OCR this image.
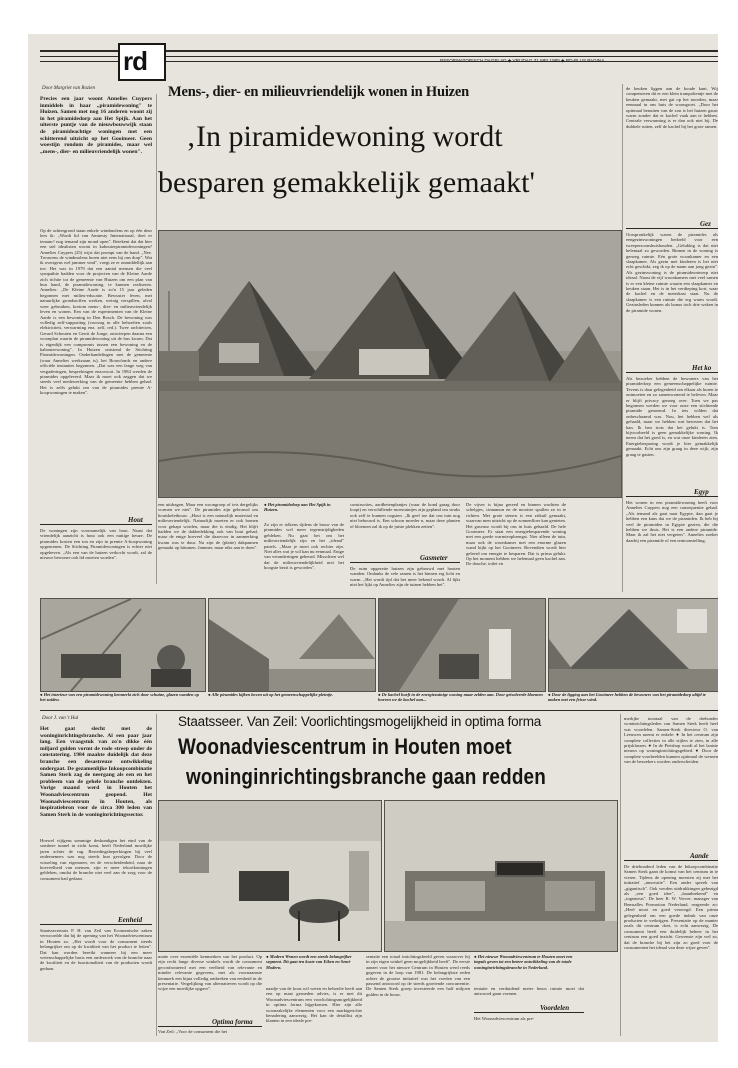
rd	REFORMATORISCH DAGBLAD ◆ VRIJDAG 31 MEI 1985 ◆ RD-PLUS PAGINA
Door Margriet van Rozien	Mens-, dier- en milieuvriendelijk wonen in Huizen
‚In piramidewoning wordt
besparen gemakkelijk gemaakt'
Precies een jaar woont Annelies Cuypers inmiddels in haar „piramidewoning" te Huizen. Samen met nog 16 anderen woont zij in het piramidedorp aan Het Spijk. Aan het uiterste puntje van de nieuwbouwwijk staan de piramideachtige woningen met een schitterend uitzicht op het Gooimeer. Geen woestijn rondom de piramides, maar wel „mens-, dier- en milieuvriendelijk wonen".
Op de achtergrond staan enkele windmolens en op één deur lees ik: „Wordt lid van Amnesty International, doet er iemanc! nog iemand zijn mond open". Betekent dat dat hier een stel idealisten woont in kabouterpiramidewoningen? Annelies Cuypers (25) wijst dat prompt van de hand. „Nee. Trouwens de windmolens horen niet eens bij ons dorp". Wat ik overigens wel jammer vind", voegt ze er onmiddellijk aan toe. Het was in 1979 dat een aantal mensen die veel sympathie hadden voor de projecten van de Kleine Aarde zich richtte tot de gemeente van Huizen om een plan van hun hand, de piramidewoning, te kunnen realiseren. Annelies: „De Kleine Aarde is zo'n 15 jaar geleden begonnen met milieu-educatie. Bewuster leven, met natuurlijke grondstoffen werken, weinig verspillen, afval weer gebruiken, kortom mens-, dier- en milieuvriendelijk leven en wonen. Een van de experimenten van de Kleine Aarde is een bewoning in Den Bosch. De bewoning was volledig zelf-supporting (voorzag in alle behoeften zoals elektriciteit, verwarming enz. zelf, red.). Twee architecten, Gerard Schouten en Gerrit de Jonge, ontwierpen daarna een woonplan waarin de piramidewoning uit de bus kwam. Dat is eigenlijk een compromis tussen een bewoning en de kabouterwoning". In Huizen ontstond de Stichting Piramidewoningen. Onderhandelingen met de gemeente (waar Annelies werkzaam is), het Bouwfonds en andere officiële instanties begonnen. „Dat was een lange weg van vergaderingen, besprekingen enzovoort. In 1984 werden de piramides opgeleverd. Maar ik moet ook zeggen dat we steeds veel medewerking van de gemeente hebben gehad. Het is zelfs gelukt om van de piramides premie A-koopwoningen te maken".
Hout
De woningen zijn voornamelijk van hout. Naast dat vriendelijk aanzicht is hout ook een nuttige keuze. De piramides kosten een ton en zijn in premie A-koopwoning opgenomen. De Stichting Piramidewoningen is echter niet opgeheven. „Als een van de huizen verkocht wordt, zal de nieuwe bewoner ook lid moeten worden".
een uitdragen. Maar een woongroep of iets dergelijks vormen we niet". De piramides zijn gebouwd om houtskeletbouw. „Hout is een natuurlijk materiaal en milieuvriendelijk. Natuurlijk moeten er ook bomen voor gekapt worden, maar die is eindig. Het blijft hadden we de dakbedekking ook van hout gehad, maar de enige hoeveel die daarvoor in aanmerking kwam was te duur. Nu zijn de (platte) dakpannen gemaakt op bitumen. Jammer, maar niks aan te doen".
● Het piramidedorp aan Het Spijk in Huizen.
Zo zijn er tolkens tijdens de bouw van de piramides wel meer tegenstrijdigheden gebleken. Nu gaat het om het milieuvriendelijk zijn en het „ideaal" panels. „Maar je moet ook rechter zijn. Niet alles wat je wil kan nu eenmaal. Enige van veranderingen gebeurd. Misschien wel dat de milieuvriendelijkheid niet het hoogste bezit is geworden".
constructies, aardbeienplantjes (waar de hond graag door loopt) en verschillende moestuintjes zijn gepland om straks ook zelf te kunnen oogsten. „Ik geef toe dat ons tuin nog niet bebouwd is. Een schoon moeder n, maar deze planten of bloemen zal ik op de juiste plekken zetten".
Gasmeter
De ruim opgezette huizen zijn gebouwd met houten wanden. Ondanks de vele ramen is het binnen erg licht en warm. „Het wordt tijd dat het meer bekend wordt. Al lijkt niet het lijkt op Annelies zijn de tuinen hebben het".
De vijver is bijna gereed en binnen wachten de schelpjes, cinnamon en de mooiste spullen zo in te richten. Met grote stenen is een zitkuil gemaakt, waarvan men uitzicht op de zonnenfloer kan genieten. Het gasvuur wordt bij ons in huis gehaald. De hele Gooimeer. Er staat een energiebesparende woning met een goede warmteopbrengst. Nier alleen de tuin, maar ook de woonkamer met een enorme glazen wand kijkt op het Gooimeer. Bovendien wordt hier geleerd om energie te besparen. Dat is prima gelukt. Op het moment hebben we helemaal geen kachel aan. De douche, toilet en
de keuken liggen aan de koude kant. Wij compenseren dit er een klein trampolientje met de keuken gemaakt, met gat op het noorden, maar eenmaal in ons huis de woongroei. „Door het optimaal benutten van de zon is het huizen gauw warm zonder dat er kachel vaak aan te hebben. Centrale verwarming is er dan ook niet bij. De dubbele ruiten, zelf de kachel bij het grote ramen.
Gez
Oorspronkelijk waren de piramides als eengezinswoningen bedoeld voor een tweepersoonshuishouden. „Gelukkig is dat niet helemaal zo geworden. Binnen in de woning is genoeg ruimte. Eén grote woonkamer en een slaapkamer. Als gezin met kinderen is het niet echt geschikt, zeg ik op de naam aan jong gezin". Als gezinswoning is de piramideontwerp niet ideaal. Naast de vijf woonkamers met veel ramen is er een kleine ruimte waarin een slaapkamer en keuken staan. Het is in het verdieping kort, waar de kachel en de meterkast staat. Nu de slaapkamer is een ruimte die erg warm wordt. Gezinsleden kunnen als bonus toch drie weken in de piramide wonen.
Het ko
Als bezoeker hebben de bewoners van het piramidedorp een gemeenschappelijke ruimte. Tevens is daar gelegenheid om elkaar als buren te ontmoeten en zo samenwonend te beleven. Maar er blijft privacy genoeg over. Toen we pas begonnen werden we voor onze een stichtende piramide genoemd. In iets wilden dat onbeschaamd was. Nou, het hebben wel als gehaald, maar we hebben wat bewezen dat het kan. Ik ben trots dat het gelukt is. Tom bijvoorbeeld is geen gemakkelijke woning. Ik neem dat het goed is, en wat onze kinderen zien. Energiebesparing wordt je hier gemakkelijk gemaakt. Echt ons zijn graag in deze wijk, zijn graag te gasten.
Egyp
Het wonen in een piramidewoning heeft voor Annelies Cuypers nog een consequentie gehad. „Als iemand als gaat naar Egypte, dan gaat je hebben een kans dat we de piramiden. Ik heb bij veel de piramiden in Egypte gezien, die die hebben we thuis. Het is een andere piramide. Maar ik zal het niet vergeten". Annelies zoeker daarbij een piramide of een tentoonstelling.
● Het interieur van een piramidewoning kenmerkt zich door schuine, glazen wanden op het zuiden.
● Alle piramides kijken boven uit op het gemeenschappelijke pleintje.	● De kachel hoeft in de energiezuinige woning maar zelden aan. Door geïsoleerde bloemen hoeven we de kachel aan...
● Door de ligging aan het Gooimeer hebben de bewoners van het piramidedorp altijd te maken met een frisse wind.
Door J. van 't Hul
Het gaat slecht met de woninginrichtingsbranche. Al een paar jaar lang. Een vraagstuk van zo'n dikke één miljard gulden vormt de rode streep onder de constatering. 1984 maakte duidelijk dat deze branche een desastreuze ontwikkeling ondergaat. De gezamenlijke Inkoopcombinatie Samen Sterk zag de neergang als een en het probleem van de gehele branche ontdekten. Vorige maand werd in Houten het Woonadviescentrum geopend. Het Woonadviescentrum in Houten, als inspiratiebron voor de circa 300 leden van Samen Sterk in de woninginrichtingssector.
Hoewel vijfgens sommige deskundigen het eind van de sombere tunnel in zicht komt, heeft Nederland moeilijke jaren achter de rug. Bestedingsbeperkingen bij veel ondernemers was nog steeds hun gevolgen. Door de wisseling van eigenaren, en de verscheidenheid, naar de hoeveelheid van mensen, zijn er meer tekortkomingen gebleken, omdat de branche niet veel aan de zorg voor de consument had gedaan.
Eenheid
Staatssecretaris P. H. van Zeil van Economische zaken verwoordde dat bij de opening van het Woonadviescentrum in Houten zo. „Het wordt voor de consument steeds belangrijker om op de kwaliteit van het product te letten". Dat kan worden bereikt wanneer bij een meer wetenschappelijke basis een onderzoek van de branche naar de kwaliteit en de functionaliteit van de producten wordt gedaan.
Staatsseer. Van Zeil: Voorlichtingsmogelijkheid in optima forma
Woonadviescentrum in Houten moet
woninginrichtingsbranche gaan redden
matie over essentiële kenmerken van het product. Op zijn recht lange diverse winkels wordt de consument geconfronteerd met een veelheid van relevante en minder relevante gegevens, met als voornaamste kenmerk een bijna volledig ontbreken van eenheid in de presentatie. Vergelijking van alternatieven wordt op die wijze een moeilijke opgave".
Optima forma
Van Zeil: „Voor de consument die het
● Modern Wonen wordt een steeds belangrijker segment. Dit gaat ten koste van Eiken en Semi-Modern.
naadje van de kous wil weten en behoefte heeft aan een op maat gesneden advies, is er met dit Woonadviescentrum een voorlichtingsmogelijkheid in optima forma bijgekomen. Hier zijn alle woonzakelijke elementen voor een marktgerichte benadering aanwezig. Het kan de detaillist zijn klanten in een ideale pre-
sentatie een totaal inrichtingsbeeld geven waarover hij in zijn eigen winkel geen mogelijkheid heeft". De eerste aanzet voor het nieuwe Centrum in Houten werd reeds gegeven in de loop van 1981. De belangrijkste reden achter de grootse initiatief was het voeden van een passend antwoord op de steeds groeiende concurrentie. De Samen Sterk groep investeerde een half miljoen gulden in de bouw.
● Het nieuwe Woonadviescentrum te Houten moet een impuls geven tot een betere ontwikkeling van de totale woninginrichtingsbranche in Nederland.
tentatie en verduidend meter beurs ruimte moet dat antwoord gaan vormen.
Voordelen
Het Woonadviescentrum als pre-
merkjke toontaal van de drehonder woninrichtingsleden van Samen Sterk heeft heel wat voordelen. Samen-Sterk directeur O. van Leeuwen noemt er enkele: ● In het centrum zijn complete collecties in alle stijlen te zien, in alle prijsklassen. ● In de Pietshop wordt al het laatste nieuws op woninginrichtingsgebied. ● Door de complete voorbeelden kunnen optimaal de wensen van de bezoekers worden onderscheiden.
Aande
De driehonderd leden van de Inkoopcombinatie Samen Sterk gaan de komst van het centrum in te vieren. Tijdens de opening moesten zij met het initiatief „innovatie". Een ander spreek van „gigantisch". Ook werden uitdrukkingen gebezigd als „een goed idee", „baanbrekend" en „ingenieus". De heer R. W. Verver, manager van Bemsalles Promotion Nederland, reageerde zo: „Heel mooi en goed verzorgd. Een prima gelegenheid om een goede indruk van onze producten te verkrijgen. Presentatie op de manier zoals dit centrum doet, is echt aanwezig. De consument heeft een duidelijk beheer in het centrum een goed inzicht. Gewenste zijn wel zo, dat de branche bij het zijn zo goed voor de consumenten het ideaal van deze wijze geven".
